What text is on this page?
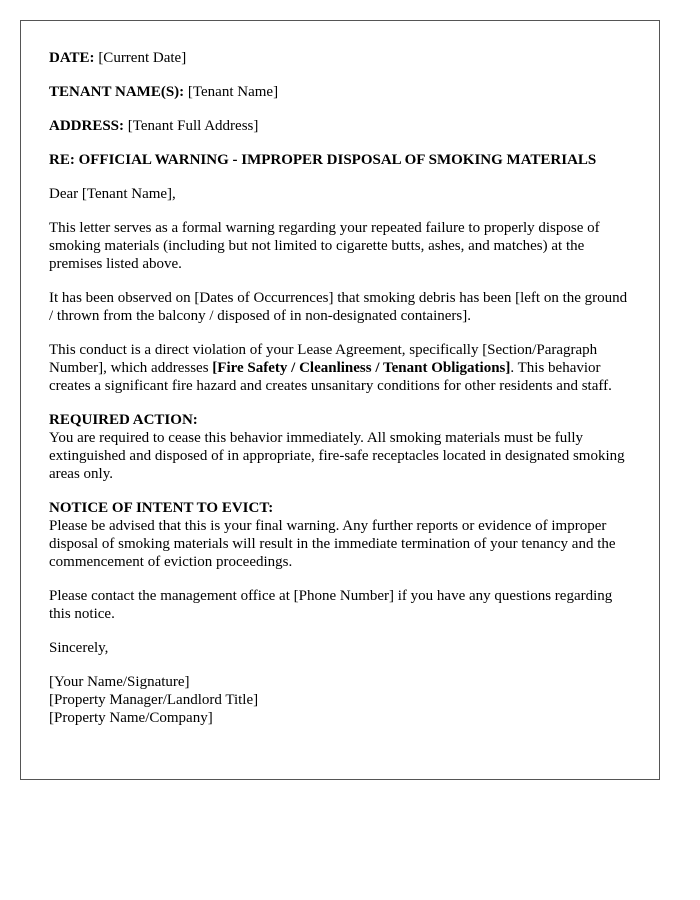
DATE: [Current Date]
TENANT NAME(S): [Tenant Name]
ADDRESS: [Tenant Full Address]
RE: OFFICIAL WARNING - IMPROPER DISPOSAL OF SMOKING MATERIALS
Dear [Tenant Name],
This letter serves as a formal warning regarding your repeated failure to properly dispose of smoking materials (including but not limited to cigarette butts, ashes, and matches) at the premises listed above.
It has been observed on [Dates of Occurrences] that smoking debris has been [left on the ground / thrown from the balcony / disposed of in non-designated containers].
This conduct is a direct violation of your Lease Agreement, specifically [Section/Paragraph Number], which addresses [Fire Safety / Cleanliness / Tenant Obligations]. This behavior creates a significant fire hazard and creates unsanitary conditions for other residents and staff.
REQUIRED ACTION:
You are required to cease this behavior immediately. All smoking materials must be fully extinguished and disposed of in appropriate, fire-safe receptacles located in designated smoking areas only.
NOTICE OF INTENT TO EVICT:
Please be advised that this is your final warning. Any further reports or evidence of improper disposal of smoking materials will result in the immediate termination of your tenancy and the commencement of eviction proceedings.
Please contact the management office at [Phone Number] if you have any questions regarding this notice.
Sincerely,
[Your Name/Signature]
[Property Manager/Landlord Title]
[Property Name/Company]
